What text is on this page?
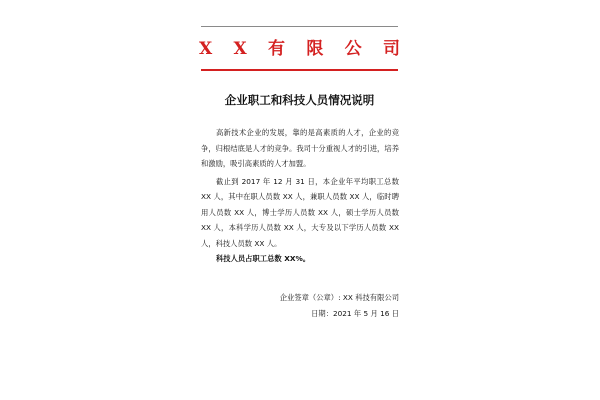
X X 有 限 公 司
企业职工和科技人员情况说明

高新技术企业的发展，靠的是高素质的人才，企业的竞争，归根结底是人才的竞争。我司十分重视人才的引进，培养和激励，吸引高素质的人才加盟。

截止到 2017 年 12 月 31 日，本企业年平均职工总数 XX 人，其中在职人员数 XX 人，兼职人员数 XX 人，临时聘用人员数 XX 人，博士学历人员数 XX 人，硕士学历人员数 XX 人，本科学历人员数 XX 人，大专及以下学历人员数 XX 人，科技人员数 XX 人。

科技人员占职工总数 XX%。

企业签章（公章）: XX 科技有限公司
日期：2021 年 5 月 16 日
